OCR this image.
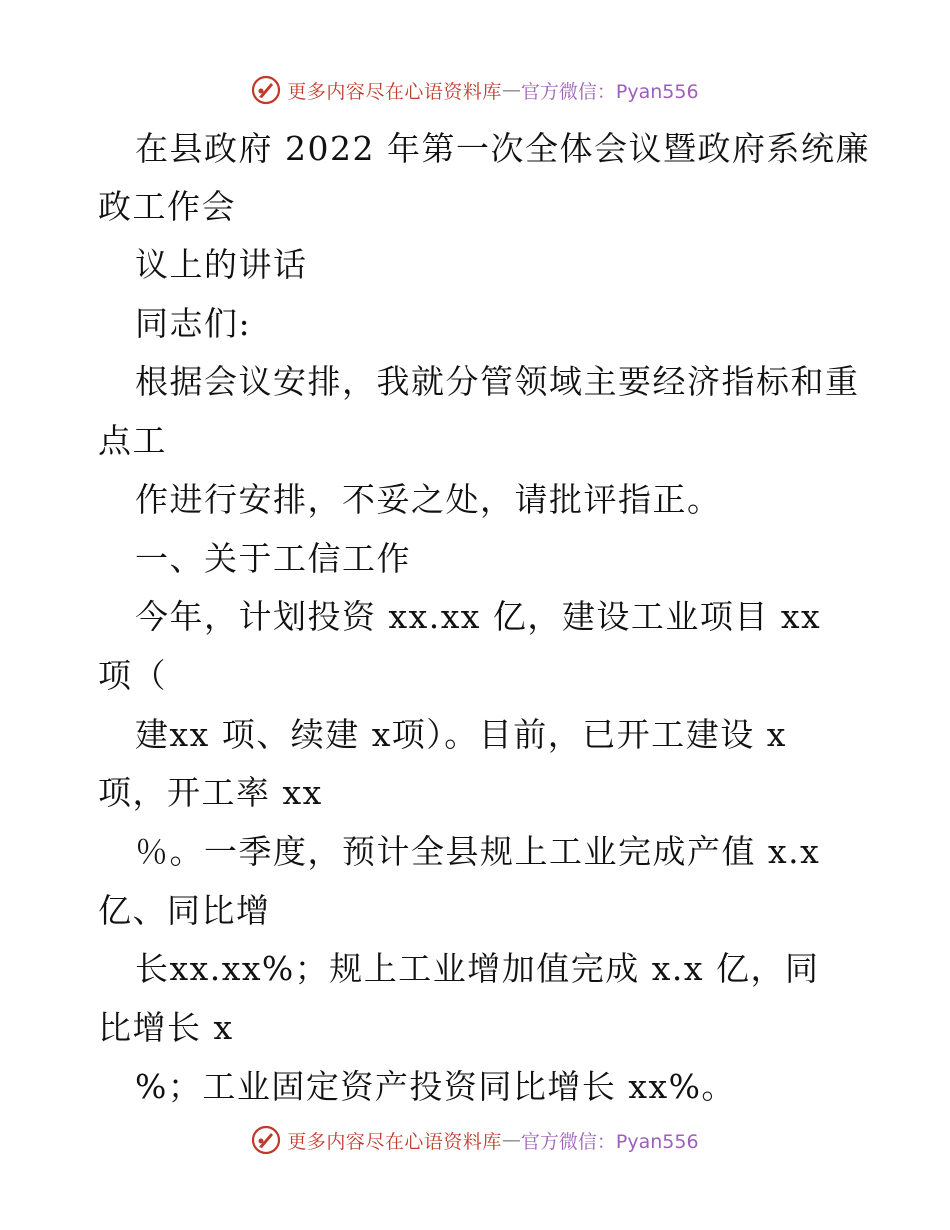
更多内容尽在心语资料库 — 官方微信：Pyan556
在县政府 2022 年第一次全体会议暨政府系统廉
政工作会
议上的讲话
同志们:
根据会议安排，我就分管领域主要经济指标和重
点工
作进行安排，不妥之处，请批评指正。
一、关于工信工作
今年，计划投资 xx.xx 亿，建设工业项目 xx
项（
建xx 项、续建 x项）。目前，已开工建设 x
项，开工率 xx
％。一季度，预计全县规上工业完成产值 x.x
亿、同比增
长xx.xx%；规上工业增加值完成 x.x 亿，同
比增长 x
%；工业固定资产投资同比增长 xx%。
更多内容尽在心语资料库 — 官方微信：Pyan556
